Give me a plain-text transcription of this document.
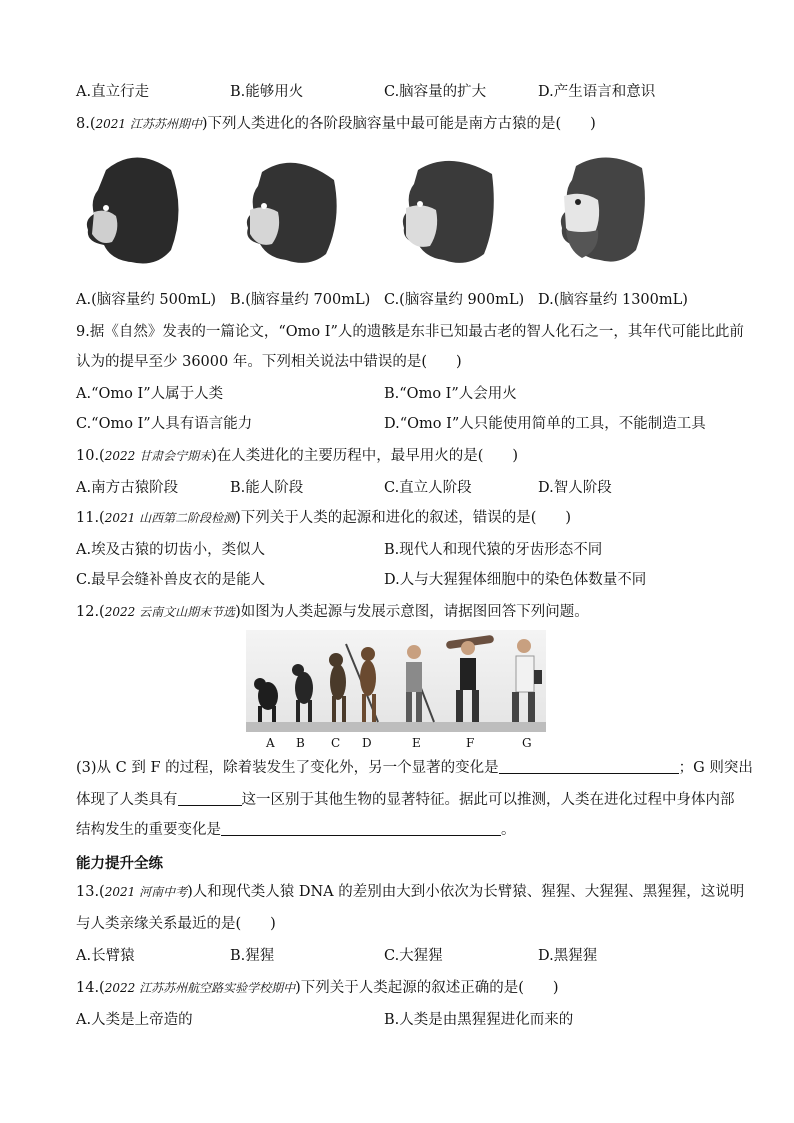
A.直立行走	B.能够用火	C.脑容量的扩大	D.产生语言和意识
8.(2021 江苏苏州期中)下列人类进化的各阶段脑容量中最可能是南方古猿的是(　　)
A.(脑容量约 500mL) B.(脑容量约 700mL) C.(脑容量约 900mL) D.(脑容量约 1300mL)
9.据《自然》发表的一篇论文，“Omo Ⅰ”人的遗骸是东非已知最古老的智人化石之一，其年代可能比此前
认为的提早至少 36000 年。下列相关说法中错误的是(　　)
A.“Omo Ⅰ”人属于人类	B.“Omo Ⅰ”人会用火
C.“Omo Ⅰ”人具有语言能力	D.“Omo Ⅰ”人只能使用简单的工具，不能制造工具
10.(2022 甘肃会宁期末)在人类进化的主要历程中，最早用火的是(　　)
A.南方古猿阶段	B.能人阶段	C.直立人阶段	D.智人阶段
11.(2021 山西第二阶段检测)下列关于人类的起源和进化的叙述，错误的是(　　)
A.埃及古猿的切齿小，类似人	B.现代人和现代猿的牙齿形态不同
C.最早会缝补兽皮衣的是能人	D.人与大猩猩体细胞中的染色体数量不同
12.(2022 云南文山期末节选)如图为人类起源与发展示意图，请据图回答下列问题。
A B C D	E	F	G
(3)从 C 到 F 的过程，除着装发生了变化外，另一个显著的变化是	；G 则突出
体现了人类具有	这一区别于其他生物的显著特征。据此可以推测，人类在进化过程中身体内部
结构发生的重要变化是	。
能力提升全练
13.(2021 河南中考)人和现代类人猿 DNA 的差别由大到小依次为长臂猿、猩猩、大猩猩、黑猩猩，这说明
与人类亲缘关系最近的是(　　)
A.长臂猿	B.猩猩	C.大猩猩	D.黑猩猩
14.(2022 江苏苏州航空路实验学校期中)下列关于人类起源的叙述正确的是(　　)
A.人类是上帝造的	B.人类是由黑猩猩进化而来的
